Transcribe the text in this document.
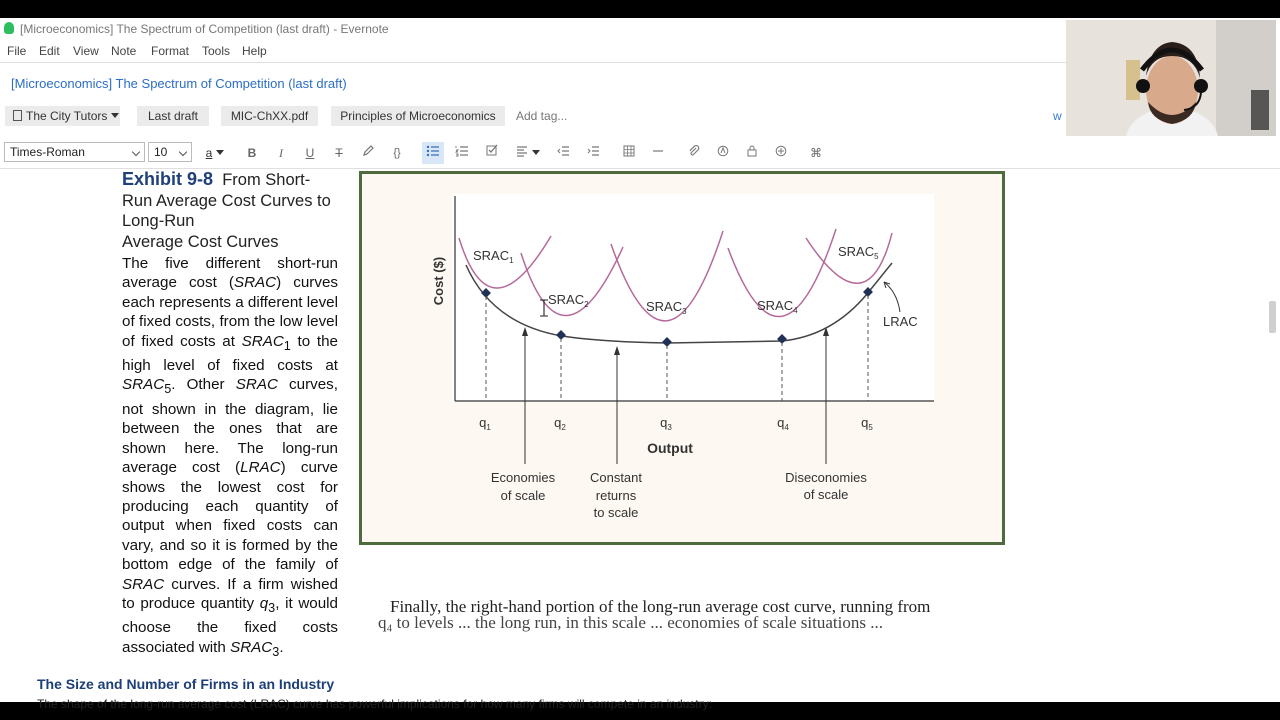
[Microeconomics] The Spectrum of Competition (last draft) - Evernote
File Edit View Note Format Tools Help
[Microeconomics] The Spectrum of Competition (last draft)
The City Tutors	Last draft	MIC-ChXX.pdf	Principles of Microeconomics	Add tag...	w
Times-Roman	10	a	B	I	U	T	{}	⌘
Exhibit 9-8 From Short-Run Average Cost Curves to Long-Run
Average Cost Curves
The five different short-run average cost (SRAC) curves each represents a different level of fixed costs, from the low level of fixed costs at $SRAC_1$ to the high level of fixed costs at $SRAC_5$. Other SRAC curves, not shown in the diagram, lie between the ones that are shown here. The long-run average cost (LRAC) curve shows the lowest cost for producing each quantity of output when fixed costs can vary, and so it is formed by the bottom edge of the family of SRAC curves. If a firm wished to produce quantity $q_3$, it would choose the fixed costs associated with $SRAC_3$.
Cost ($)
Output
$SRAC_1$
$SRAC_2$	$SRAC_3$	$SRAC_4$
$SRAC_5$
LRAC
$q_1$	$q_2$	$q_3$	$q_4$	$q_5$
Economies
of scale
Constant
returns
to scale
Diseconomies
of scale
Finally, the right-hand portion of the long-run average cost curve, running from
q₄ to levels ... the long run, in this scale ... economies of scale situations ...
The Size and Number of Firms in an Industry
The shape of the long-run average cost (LRAC) curve has powerful implications for how many firms will compete in an industry:
